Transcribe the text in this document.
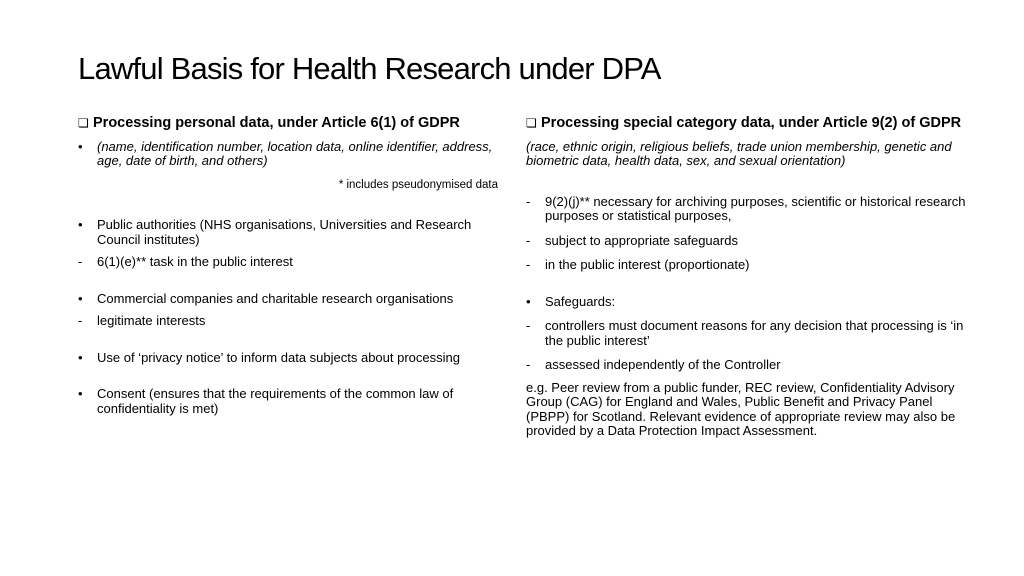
Lawful Basis for Health Research under DPA
❏ Processing personal data, under Article 6(1) of GDPR
•	(name, identification number, location data, online identifier, address, age, date of birth, and others)
* includes pseudonymised data
•	Public authorities (NHS organisations, Universities and Research Council institutes)
-	6(1)(e)** task in the public interest
•	Commercial companies and charitable research organisations
-	legitimate interests
•	Use of ‘privacy notice’ to inform data subjects about processing
•	Consent (ensures that the requirements of the common law of confidentiality is met)
❏ Processing special category data, under Article 9(2) of GDPR
(race, ethnic origin, religious beliefs, trade union membership, genetic and biometric data, health data, sex, and sexual orientation)
-	9(2)(j)** necessary for archiving purposes, scientific or historical research purposes or statistical purposes,
-	subject to appropriate safeguards
-	in the public interest (proportionate)
•	Safeguards:
-	controllers must document reasons for any decision that processing is ‘in the public interest’
-	assessed independently of the Controller
e.g. Peer review from a public funder, REC review, Confidentiality Advisory Group (CAG) for England and Wales, Public Benefit and Privacy Panel (PBPP) for Scotland. Relevant evidence of appropriate review may also be provided by a Data Protection Impact Assessment.
